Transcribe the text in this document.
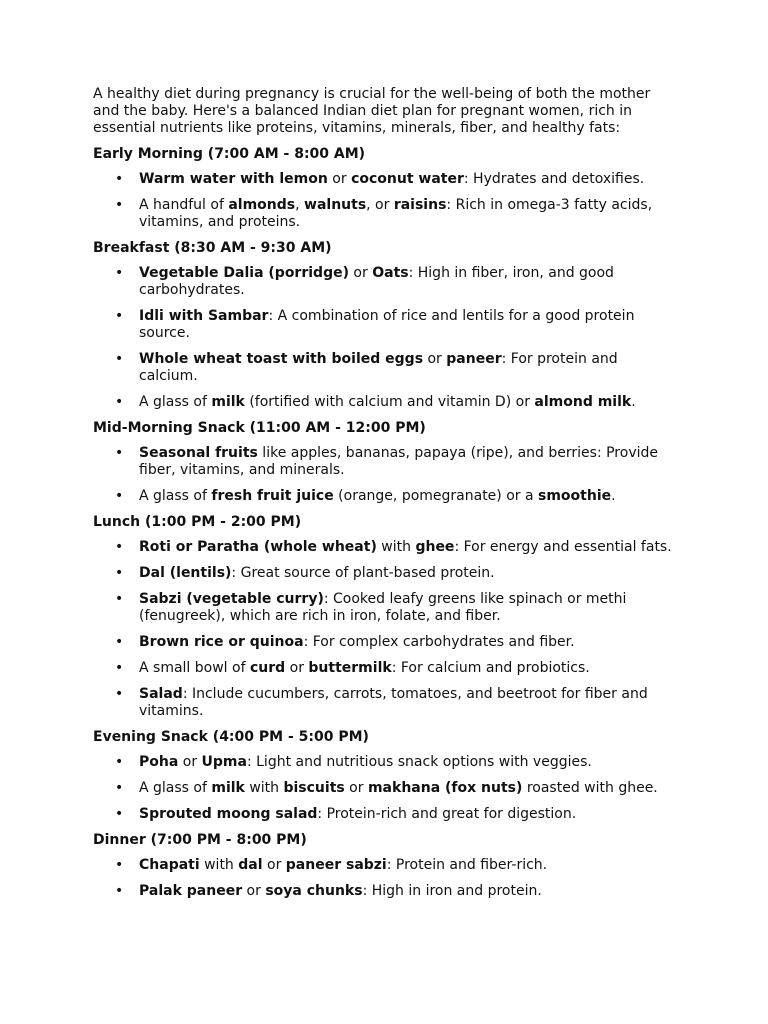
A healthy diet during pregnancy is crucial for the well-being of both the mother and the baby. Here's a balanced Indian diet plan for pregnant women, rich in essential nutrients like proteins, vitamins, minerals, fiber, and healthy fats:

Early Morning (7:00 AM - 8:00 AM)
• Warm water with lemon or coconut water: Hydrates and detoxifies.
• A handful of almonds, walnuts, or raisins: Rich in omega-3 fatty acids, vitamins, and proteins.
Breakfast (8:30 AM - 9:30 AM)
• Vegetable Dalia (porridge) or Oats: High in fiber, iron, and good carbohydrates.
• Idli with Sambar: A combination of rice and lentils for a good protein source.
• Whole wheat toast with boiled eggs or paneer: For protein and calcium.
• A glass of milk (fortified with calcium and vitamin D) or almond milk.
Mid-Morning Snack (11:00 AM - 12:00 PM)
• Seasonal fruits like apples, bananas, papaya (ripe), and berries: Provide fiber, vitamins, and minerals.
• A glass of fresh fruit juice (orange, pomegranate) or a smoothie.
Lunch (1:00 PM - 2:00 PM)
• Roti or Paratha (whole wheat) with ghee: For energy and essential fats.
• Dal (lentils): Great source of plant-based protein.
• Sabzi (vegetable curry): Cooked leafy greens like spinach or methi (fenugreek), which are rich in iron, folate, and fiber.
• Brown rice or quinoa: For complex carbohydrates and fiber.
• A small bowl of curd or buttermilk: For calcium and probiotics.
• Salad: Include cucumbers, carrots, tomatoes, and beetroot for fiber and vitamins.
Evening Snack (4:00 PM - 5:00 PM)
• Poha or Upma: Light and nutritious snack options with veggies.
• A glass of milk with biscuits or makhana (fox nuts) roasted with ghee.
• Sprouted moong salad: Protein-rich and great for digestion.
Dinner (7:00 PM - 8:00 PM)
• Chapati with dal or paneer sabzi: Protein and fiber-rich.
• Palak paneer or soya chunks: High in iron and protein.
